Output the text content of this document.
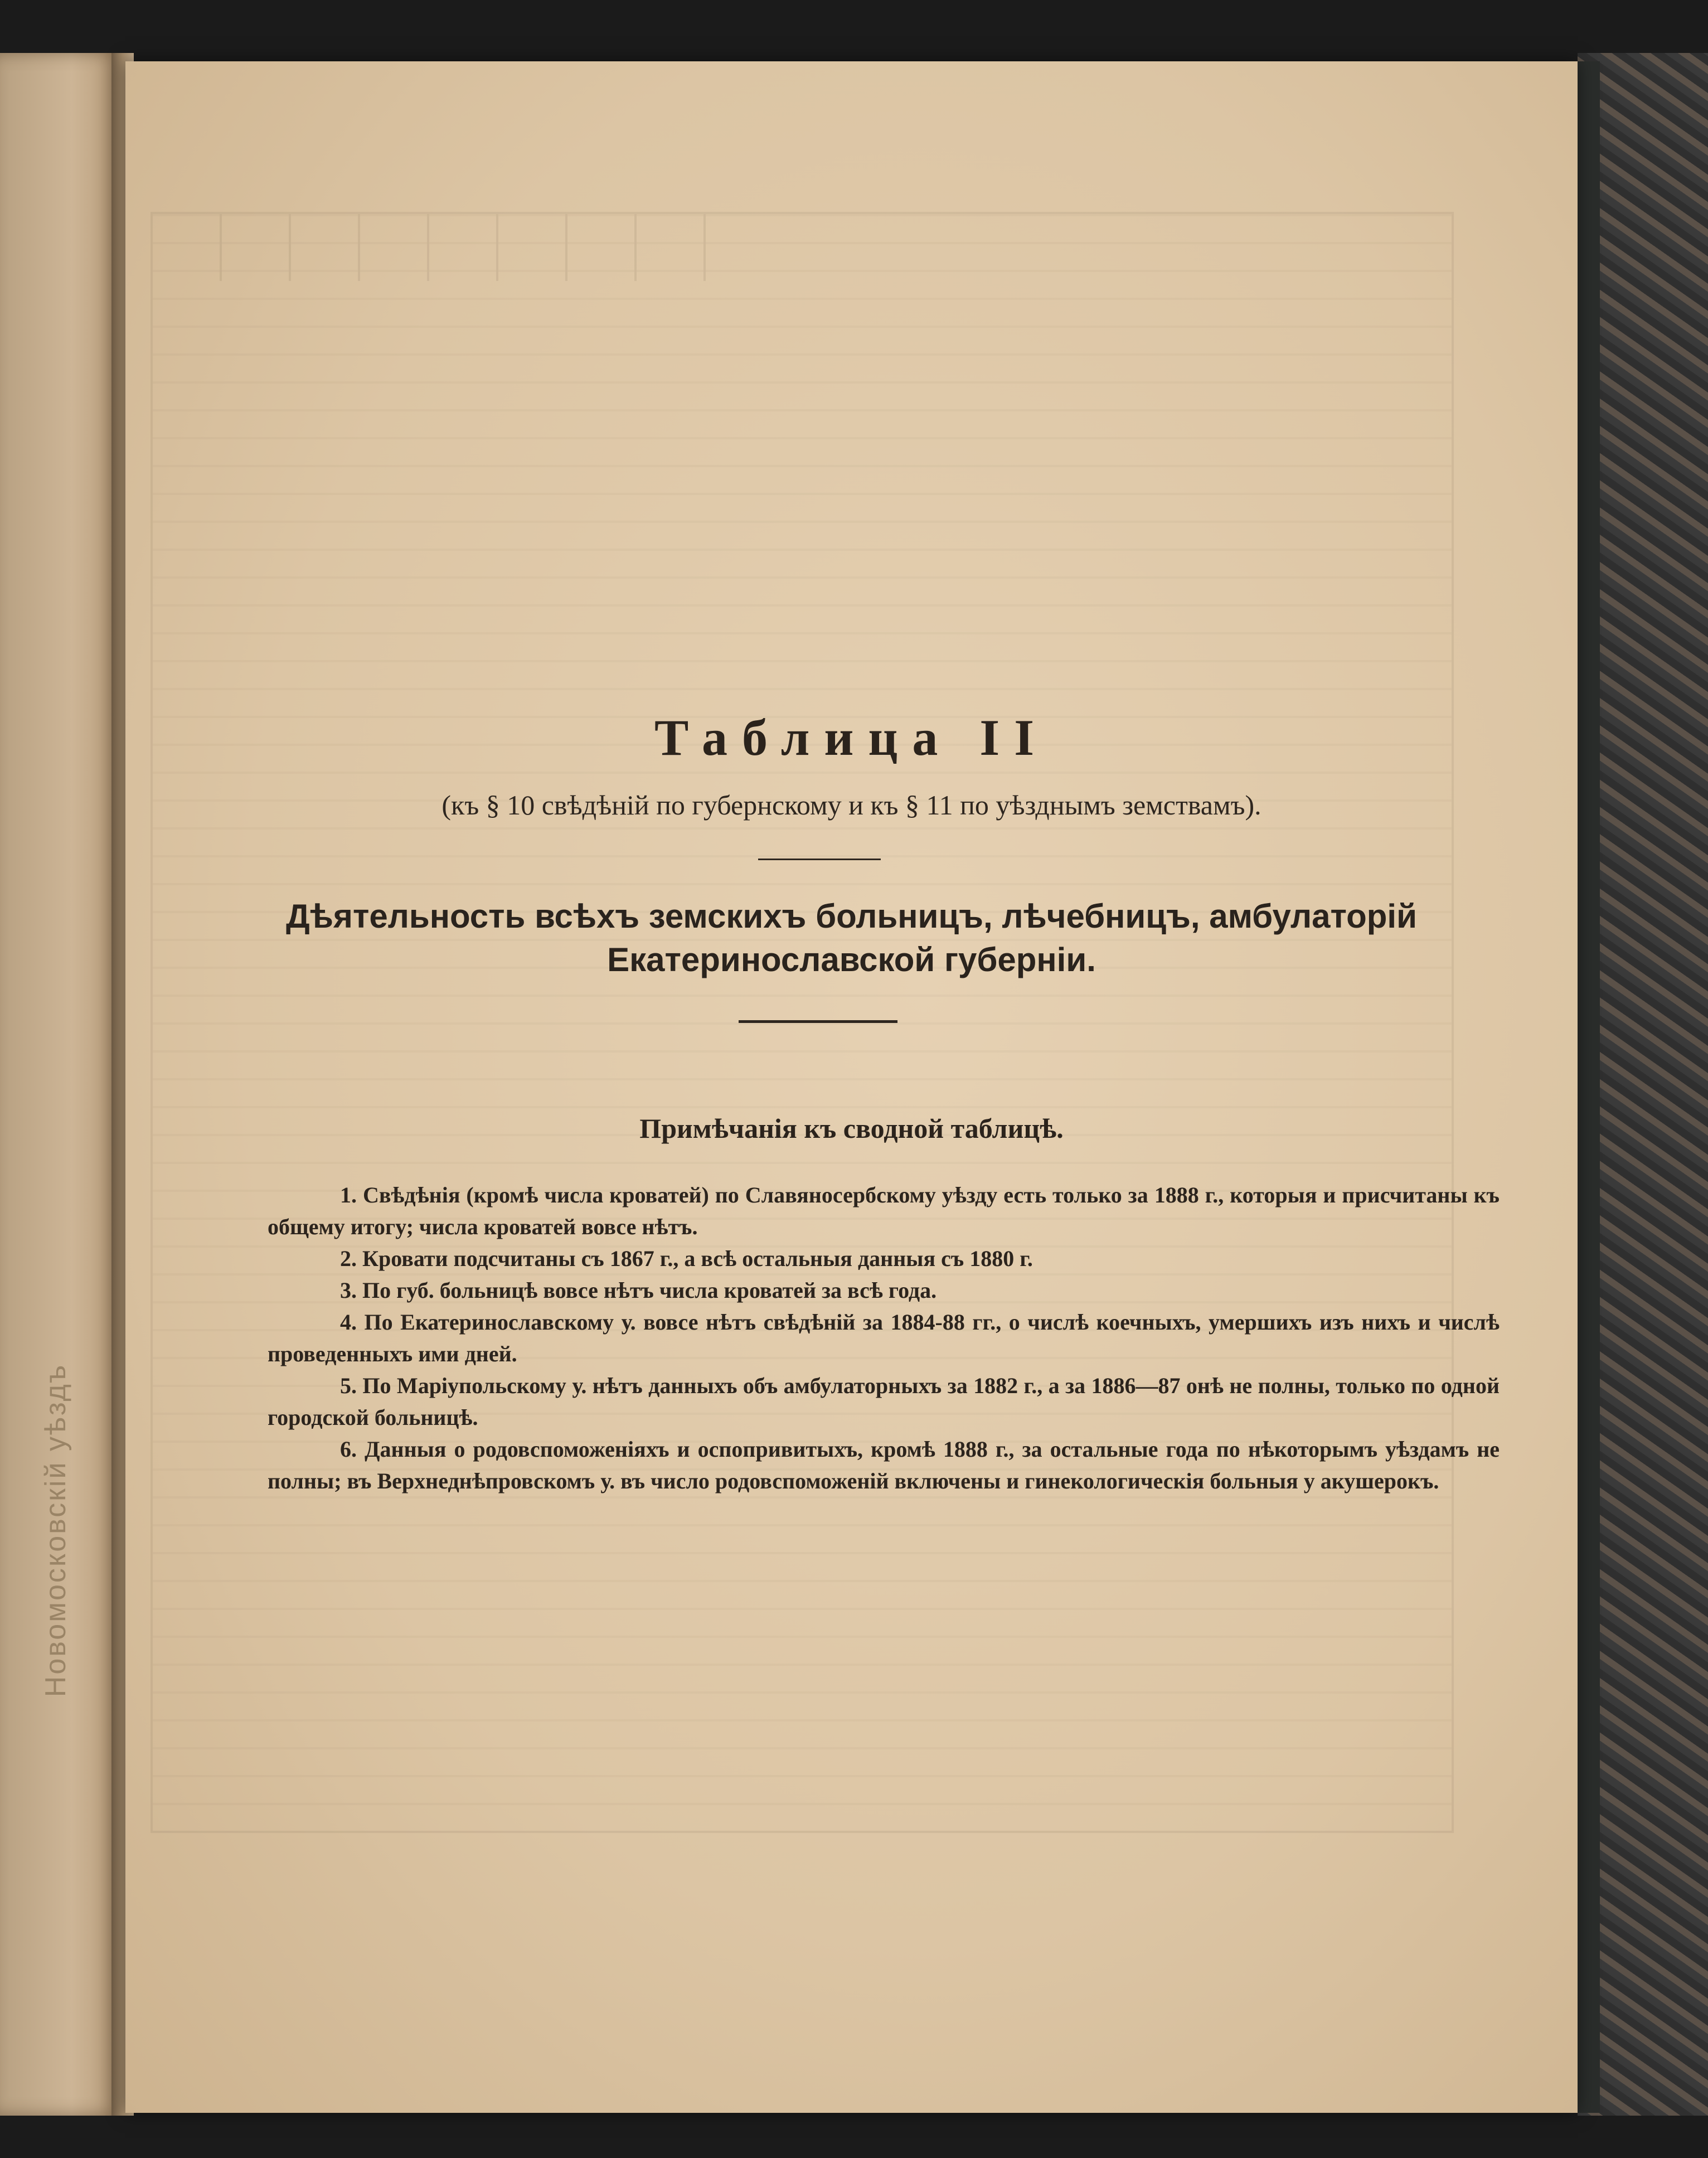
Новомосковскій уѣздъ
Таблица II
(къ § 10 свѣдѣній по губернскому и къ § 11 по уѣзднымъ земствамъ).
Дѣятельность всѣхъ земскихъ больницъ, лѣчебницъ, амбулаторій
Екатеринославской губерніи.
Примѣчанія къ сводной таблицѣ.
1. Свѣдѣнія (кромѣ числа кроватей) по Славяносербскому уѣзду есть только за 1888 г., которыя и присчитаны къ общему итогу; числа кроватей вовсе нѣтъ.
2. Кровати подсчитаны съ 1867 г., а всѣ остальныя данныя съ 1880 г.
3. По губ. больницѣ вовсе нѣтъ числа кроватей за всѣ года.
4. По Екатеринославскому у. вовсе нѣтъ свѣдѣній за 1884-88 гг., о числѣ коечныхъ, умершихъ изъ нихъ и числѣ проведенныхъ ими дней.
5. По Маріупольскому у. нѣтъ данныхъ объ амбулаторныхъ за 1882 г., а за 1886—87 онѣ не полны, только по одной городской больницѣ.
6. Данныя о родовспоможеніяхъ и оспопривитыхъ, кромѣ 1888 г., за остальные года по нѣкоторымъ уѣздамъ не полны; въ Верхнеднѣпровскомъ у. въ число родовспоможеній включены и гинекологическія больныя у акушерокъ.
